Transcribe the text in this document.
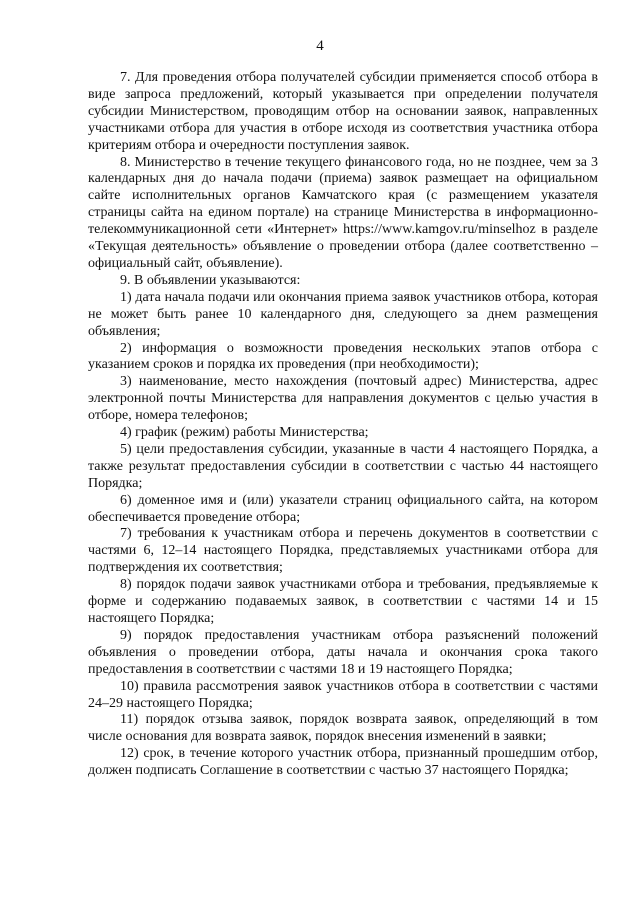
4

7. Для проведения отбора получателей субсидии применяется способ отбора в виде запроса предложений, который указывается при определении получателя субсидии Министерством, проводящим отбор на основании заявок, направленных участниками отбора для участия в отборе исходя из соответствия участника отбора критериям отбора и очередности поступления заявок.

8. Министерство в течение текущего финансового года, но не позднее, чем за 3 календарных дня до начала подачи (приема) заявок размещает на официальном сайте исполнительных органов Камчатского края (с размещением указателя страницы сайта на едином портале) на странице Министерства в информационно-телекоммуникационной сети «Интернет» https://www.kamgov.ru/minselhoz в разделе «Текущая деятельность» объявление о проведении отбора (далее соответственно – официальный сайт, объявление).

9. В объявлении указываются:

1) дата начала подачи или окончания приема заявок участников отбора, которая не может быть ранее 10 календарного дня, следующего за днем размещения объявления;

2) информация о возможности проведения нескольких этапов отбора с указанием сроков и порядка их проведения (при необходимости);

3) наименование, место нахождения (почтовый адрес) Министерства, адрес электронной почты Министерства для направления документов с целью участия в отборе, номера телефонов;

4) график (режим) работы Министерства;

5) цели предоставления субсидии, указанные в части 4 настоящего Порядка, а также результат предоставления субсидии в соответствии с частью 44 настоящего Порядка;

6) доменное имя и (или) указатели страниц официального сайта, на котором обеспечивается проведение отбора;

7) требования к участникам отбора и перечень документов в соответствии с частями 6, 12–14 настоящего Порядка, представляемых участниками отбора для подтверждения их соответствия;

8) порядок подачи заявок участниками отбора и требования, предъявляемые к форме и содержанию подаваемых заявок, в соответствии с частями 14 и 15 настоящего Порядка;

9) порядок предоставления участникам отбора разъяснений положений объявления о проведении отбора, даты начала и окончания срока такого предоставления в соответствии с частями 18 и 19 настоящего Порядка;

10) правила рассмотрения заявок участников отбора в соответствии с частями 24–29 настоящего Порядка;

11) порядок отзыва заявок, порядок возврата заявок, определяющий в том числе основания для возврата заявок, порядок внесения изменений в заявки;

12) срок, в течение которого участник отбора, признанный прошедшим отбор, должен подписать Соглашение в соответствии с частью 37 настоящего Порядка;
